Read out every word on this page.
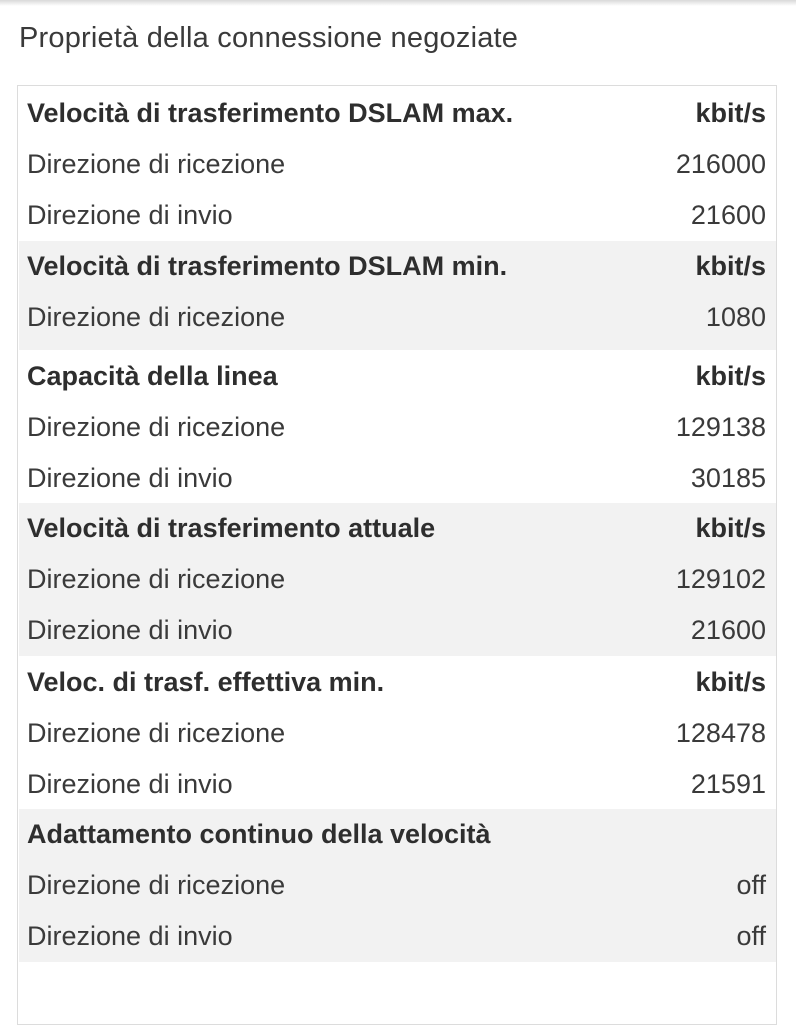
Proprietà della connessione negoziate
Velocità di trasferimento DSLAM max.	kbit/s
Direzione di ricezione	216000
Direzione di invio	21600
Velocità di trasferimento DSLAM min.	kbit/s
Direzione di ricezione	1080
Capacità della linea	kbit/s
Direzione di ricezione	129138
Direzione di invio	30185
Velocità di trasferimento attuale	kbit/s
Direzione di ricezione	129102
Direzione di invio	21600
Veloc. di trasf. effettiva min.	kbit/s
Direzione di ricezione	128478
Direzione di invio	21591
Adattamento continuo della velocità
Direzione di ricezione	off
Direzione di invio	off
